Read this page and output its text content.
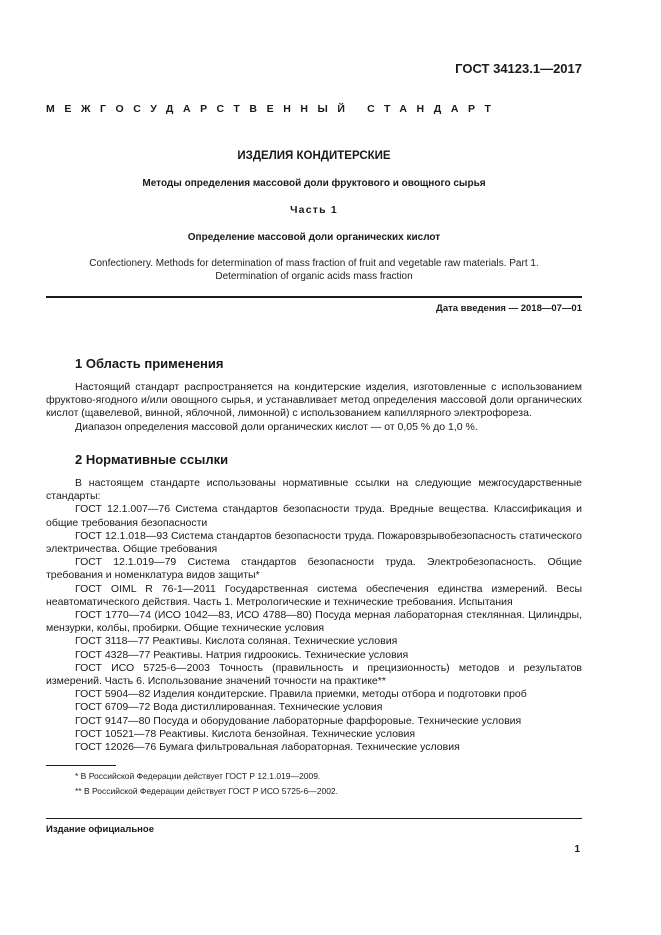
ГОСТ 34123.1—2017
МЕЖГОСУДАРСТВЕННЫЙ СТАНДАРТ
ИЗДЕЛИЯ КОНДИТЕРСКИЕ
Методы определения массовой доли фруктового и овощного сырья
Часть 1
Определение массовой доли органических кислот
Confectionery. Methods for determination of mass fraction of fruit and vegetable raw materials. Part 1.
Determination of organic acids mass fraction
Дата введения — 2018—07—01
1 Область применения

Настоящий стандарт распространяется на кондитерские изделия, изготовленные с использованием фруктово-ягодного и/или овощного сырья, и устанавливает метод определения массовой доли органических кислот (щавелевой, винной, яблочной, лимонной) с использованием капиллярного электрофореза.

Диапазон определения массовой доли органических кислот — от 0,05 % до 1,0 %.

2 Нормативные ссылки

В настоящем стандарте использованы нормативные ссылки на следующие межгосударственные стандарты:

ГОСТ 12.1.007—76 Система стандартов безопасности труда. Вредные вещества. Классификация и общие требования безопасности

ГОСТ 12.1.018—93 Система стандартов безопасности труда. Пожаровзрывобезопасность статического электричества. Общие требования

ГОСТ 12.1.019—79 Система стандартов безопасности труда. Электробезопасность. Общие требования и номенклатура видов защиты*

ГОСТ OIML R 76-1—2011 Государственная система обеспечения единства измерений. Весы неавтоматического действия. Часть 1. Метрологические и технические требования. Испытания

ГОСТ 1770—74 (ИСО 1042—83, ИСО 4788—80) Посуда мерная лабораторная стеклянная. Цилиндры, мензурки, колбы, пробирки. Общие технические условия

ГОСТ 3118—77 Реактивы. Кислота соляная. Технические условия

ГОСТ 4328—77 Реактивы. Натрия гидроокись. Технические условия

ГОСТ ИСО 5725-6—2003 Точность (правильность и прецизионность) методов и результатов измерений. Часть 6. Использование значений точности на практике**

ГОСТ 5904—82 Изделия кондитерские. Правила приемки, методы отбора и подготовки проб

ГОСТ 6709—72 Вода дистиллированная. Технические условия

ГОСТ 9147—80 Посуда и оборудование лабораторные фарфоровые. Технические условия

ГОСТ 10521—78 Реактивы. Кислота бензойная. Технические условия

ГОСТ 12026—76 Бумага фильтровальная лабораторная. Технические условия

* В Российской Федерации действует ГОСТ Р 12.1.019—2009.
** В Российской Федерации действует ГОСТ Р ИСО 5725-6—2002.
Издание официальное
1
